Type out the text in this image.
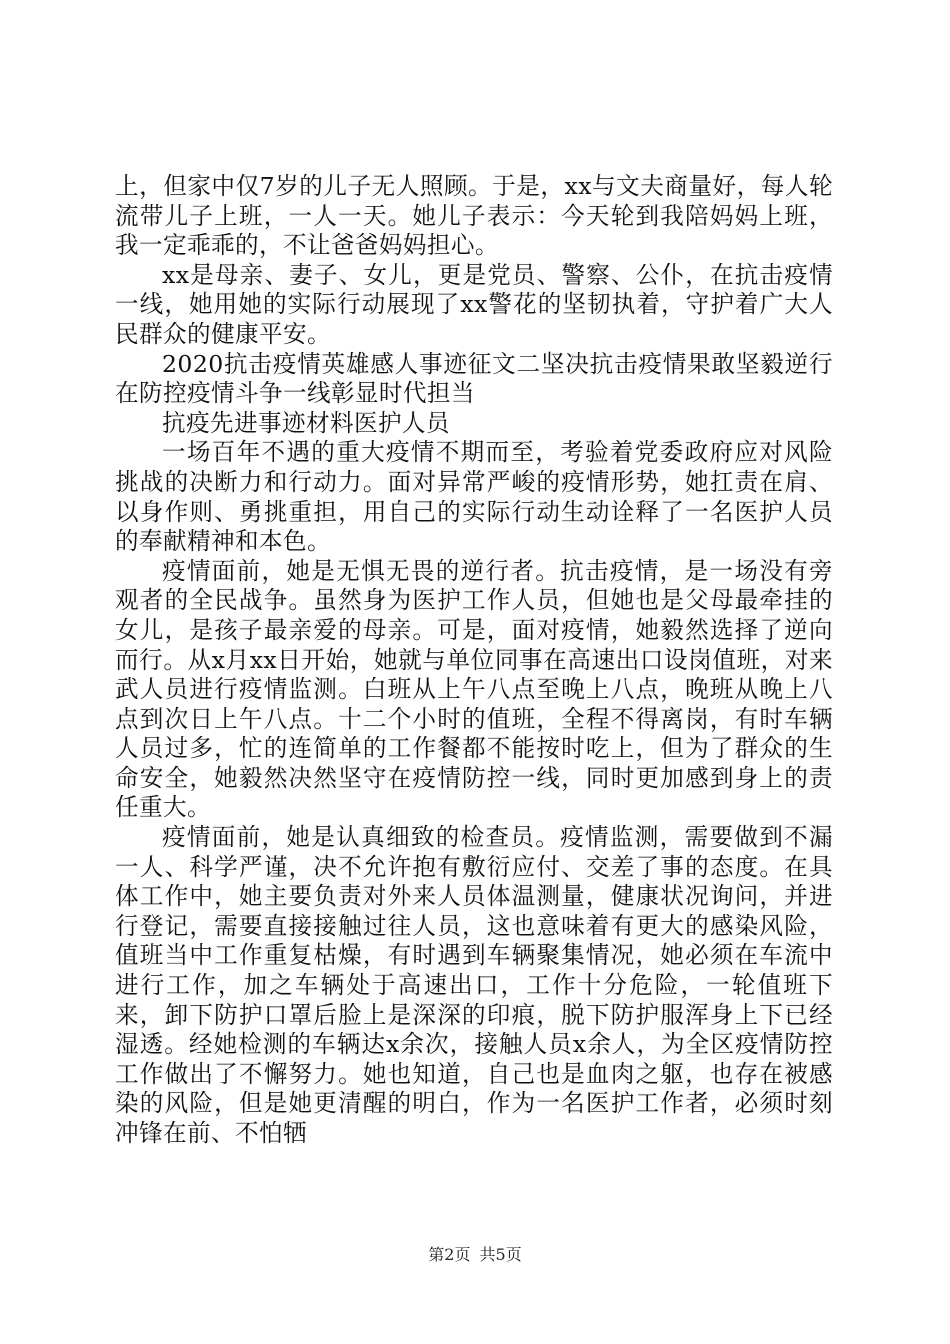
上，但家中仅7岁的儿子无人照顾。于是，xx与文夫商量好，每人轮流带儿子上班，一人一天。她儿子表示：今天轮到我陪妈妈上班，我一定乖乖的，不让爸爸妈妈担心。

xx是母亲、妻子、女儿，更是党员、警察、公仆，在抗击疫情一线，她用她的实际行动展现了xx警花的坚韧执着，守护着广大人民群众的健康平安。

2020抗击疫情英雄感人事迹征文二坚决抗击疫情果敢坚毅逆行在防控疫情斗争一线彰显时代担当

抗疫先进事迹材料医护人员

一场百年不遇的重大疫情不期而至，考验着党委政府应对风险挑战的决断力和行动力。面对异常严峻的疫情形势，她扛责在肩、以身作则、勇挑重担，用自己的实际行动生动诠释了一名医护人员的奉献精神和本色。

疫情面前，她是无惧无畏的逆行者。抗击疫情，是一场没有旁观者的全民战争。虽然身为医护工作人员，但她也是父母最牵挂的女儿，是孩子最亲爱的母亲。可是，面对疫情，她毅然选择了逆向而行。从x月xx日开始，她就与单位同事在高速出口设岗值班，对来武人员进行疫情监测。白班从上午八点至晚上八点，晚班从晚上八点到次日上午八点。十二个小时的值班，全程不得离岗，有时车辆人员过多，忙的连简单的工作餐都不能按时吃上，但为了群众的生命安全，她毅然决然坚守在疫情防控一线，同时更加感到身上的责任重大。

疫情面前，她是认真细致的检查员。疫情监测，需要做到不漏一人、科学严谨，决不允许抱有敷衍应付、交差了事的态度。在具体工作中，她主要负责对外来人员体温测量，健康状况询问，并进行登记，需要直接接触过往人员，这也意味着有更大的感染风险，值班当中工作重复枯燥，有时遇到车辆聚集情况，她必须在车流中进行工作，加之车辆处于高速出口，工作十分危险，一轮值班下来，卸下防护口罩后脸上是深深的印痕，脱下防护服浑身上下已经湿透。经她检测的车辆达x余次，接触人员x余人，为全区疫情防控工作做出了不懈努力。她也知道，自己也是血肉之躯，也存在被感染的风险，但是她更清醒的明白，作为一名医护工作者，必须时刻冲锋在前、不怕牺

第2页 共5页
